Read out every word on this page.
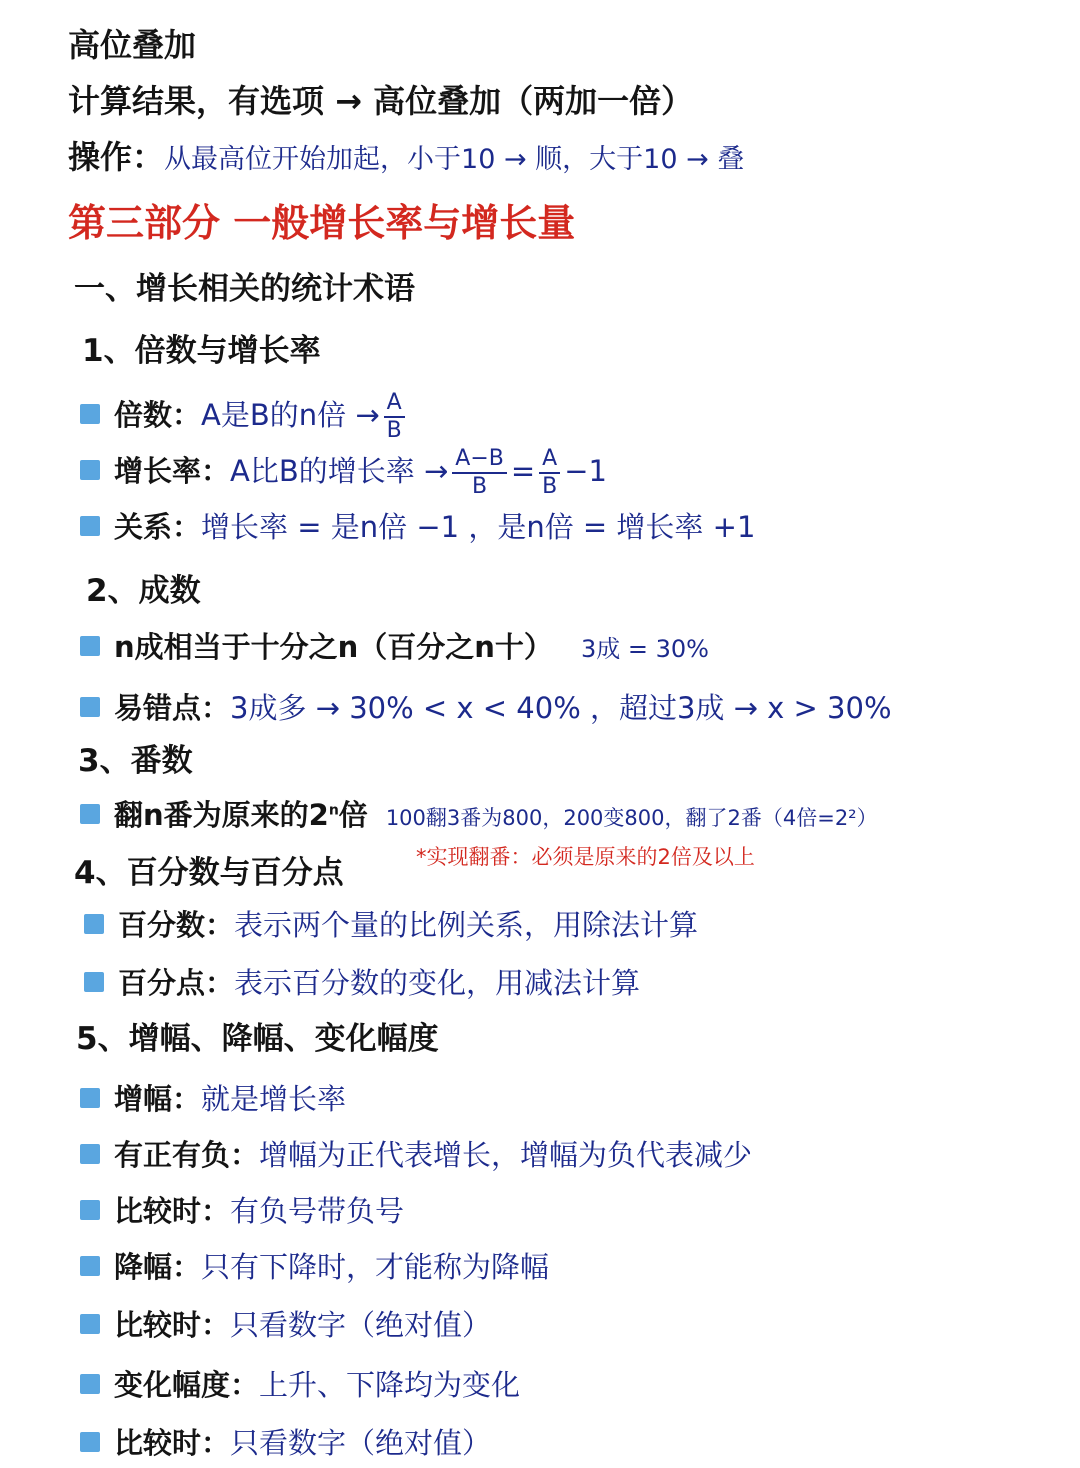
高位叠加
计算结果，有选项 → 高位叠加（两加一倍）
操作：从最高位开始加起，小于10 → 顺，大于10 → 叠
第三部分 一般增长率与增长量
一、增长相关的统计术语
1、倍数与增长率
倍数：A是B的n倍 → $\frac{A}{B}$
增长率：A比B的增长率 → $\frac{A-B}{B} = \frac{A}{B} -1$
关系：增长率 = 是n倍 −1 ，是n倍 = 增长率 +1
2、成数
n成相当于十分之n（百分之n十） 3成 = 30%
易错点：3成多 → 30% < x < 40% ，超过3成 → x > 30%
3、番数
翻n番为原来的2$^n$倍 100翻3番为800，200变800，翻了2番（4倍=2²）
*实现翻番：必须是原来的2倍及以上
4、百分数与百分点
百分数：表示两个量的比例关系，用除法计算
百分点：表示百分数的变化，用减法计算
5、增幅、降幅、变化幅度
增幅：就是增长率
有正有负：增幅为正代表增长，增幅为负代表减少
比较时：有负号带负号
降幅：只有下降时，才能称为降幅
比较时：只看数字（绝对值）
变化幅度：上升、下降均为变化
比较时：只看数字（绝对值）
